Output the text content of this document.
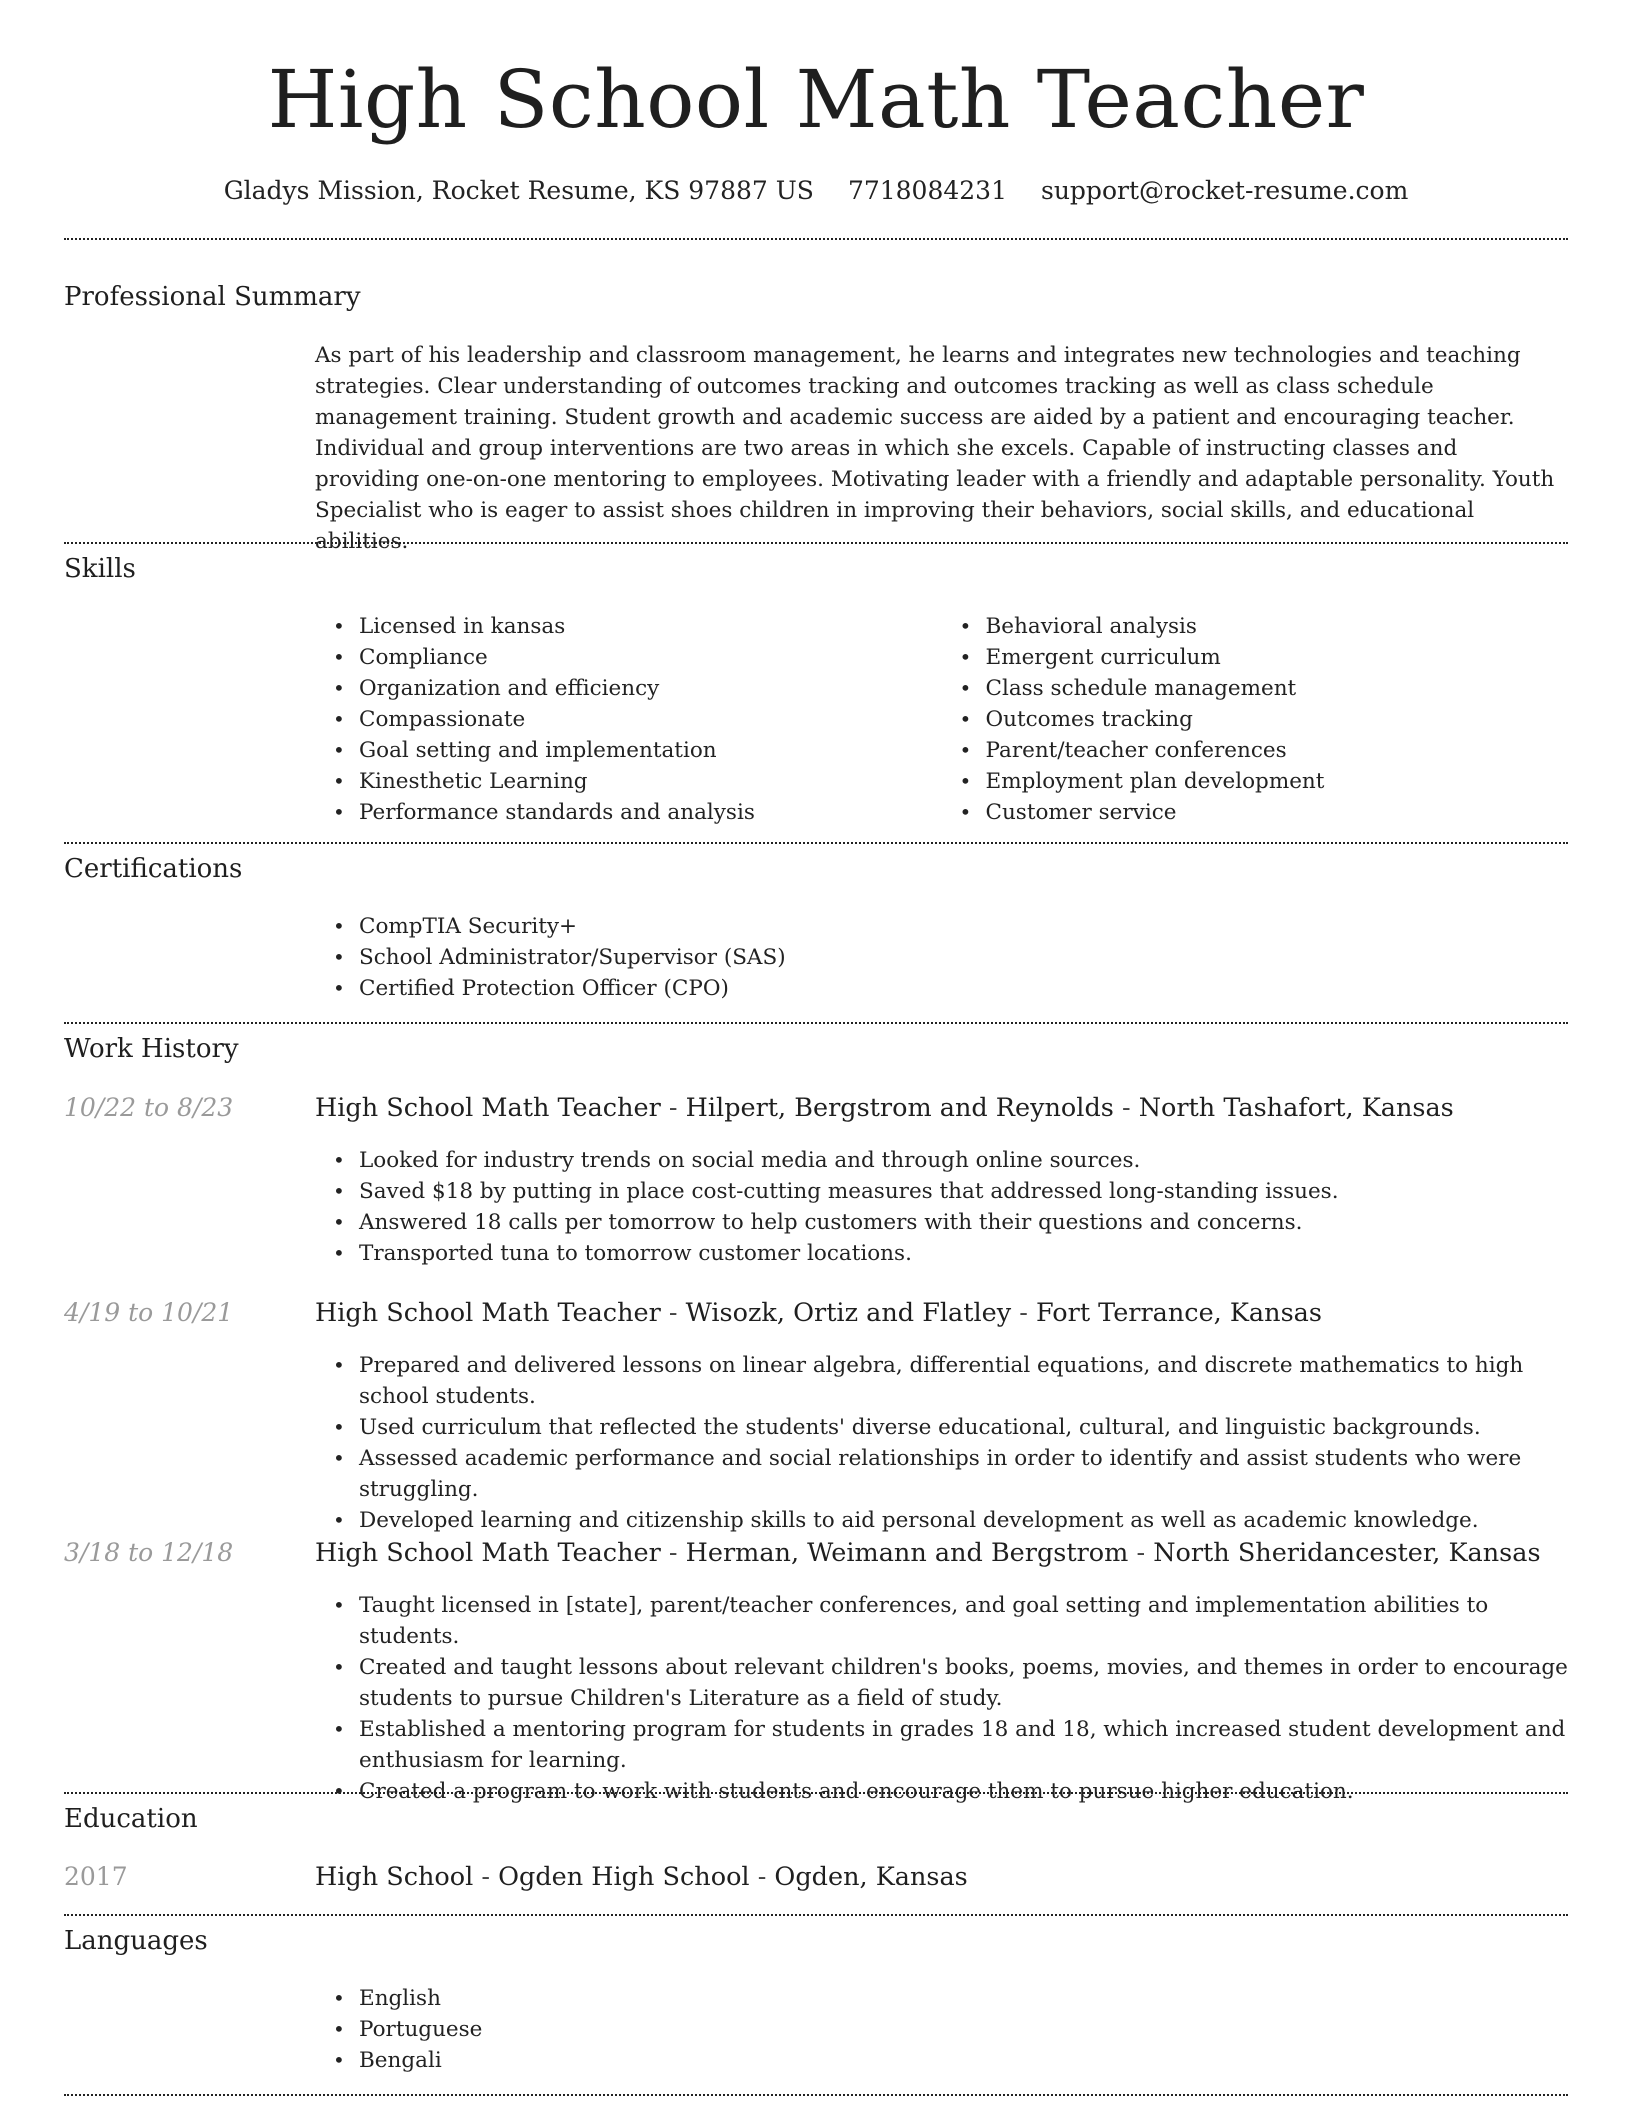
High School Math Teacher
Gladys Mission, Rocket Resume, KS 97887 US 7718084231 support@rocket-resume.com
Professional Summary

As part of his leadership and classroom management, he learns and integrates new technologies and teaching strategies. Clear understanding of outcomes tracking and outcomes tracking as well as class schedule management training. Student growth and academic success are aided by a patient and encouraging teacher. Individual and group interventions are two areas in which she excels. Capable of instructing classes and providing one-on-one mentoring to employees. Motivating leader with a friendly and adaptable personality. Youth Specialist who is eager to assist shoes children in improving their behaviors, social skills, and educational abilities.

Skills
• Licensed in kansas
• Compliance
• Organization and efficiency
• Compassionate
• Goal setting and implementation
• Kinesthetic Learning
• Performance standards and analysis
• Behavioral analysis
• Emergent curriculum
• Class schedule management
• Outcomes tracking
• Parent/teacher conferences
• Employment plan development
• Customer service
Certifications
• CompTIA Security+
• School Administrator/Supervisor (SAS)
• Certified Protection Officer (CPO)
Work History
10/22 to 8/23	High School Math Teacher - Hilpert, Bergstrom and Reynolds - North Tashafort, Kansas
• Looked for industry trends on social media and through online sources.
• Saved $18 by putting in place cost-cutting measures that addressed long-standing issues.
• Answered 18 calls per tomorrow to help customers with their questions and concerns.
• Transported tuna to tomorrow customer locations.
4/19 to 10/21	High School Math Teacher - Wisozk, Ortiz and Flatley - Fort Terrance, Kansas
• Prepared and delivered lessons on linear algebra, differential equations, and discrete mathematics to high school students.
• Used curriculum that reflected the students' diverse educational, cultural, and linguistic backgrounds.
• Assessed academic performance and social relationships in order to identify and assist students who were struggling.
• Developed learning and citizenship skills to aid personal development as well as academic knowledge.
3/18 to 12/18	High School Math Teacher - Herman, Weimann and Bergstrom - North Sheridancester, Kansas
• Taught licensed in [state], parent/teacher conferences, and goal setting and implementation abilities to students.
• Created and taught lessons about relevant children's books, poems, movies, and themes in order to encourage students to pursue Children's Literature as a field of study.
• Established a mentoring program for students in grades 18 and 18, which increased student development and enthusiasm for learning.
• Created a program to work with students and encourage them to pursue higher education.
Education
2017	High School - Ogden High School - Ogden, Kansas
Languages
• English
• Portuguese
• Bengali
